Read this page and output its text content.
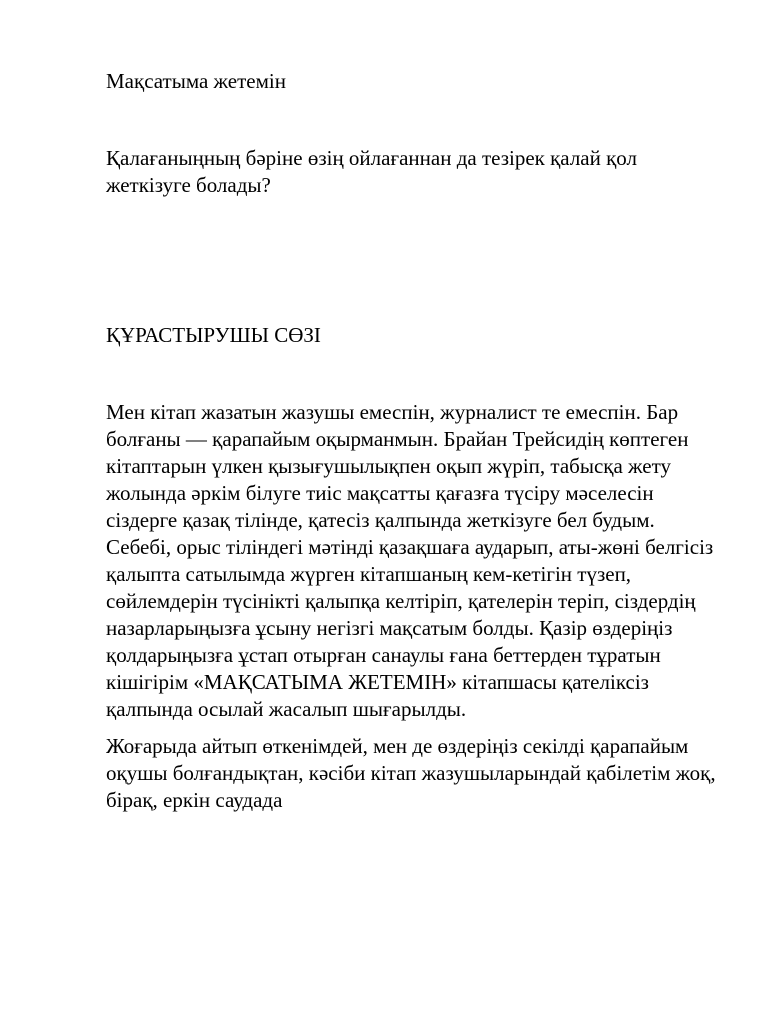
Мақсатыма жетемін

Қалағаныңның бәріне өзің ойлағаннан да тезірек қалай қол жеткізуге болады?

ҚҰРАСТЫРУШЫ СӨЗІ

Мен кітап жазатын жазушы емеспін, журналист те емеспін. Бар болғаны — қарапайым оқырманмын. Брайан Трейсидің көптеген кітаптарын үлкен қызығушылықпен оқып жүріп, табысқа жету жолында әркім білуге тиіс мақсатты қағазға түсіру мәселесін сіздерге қазақ тілінде, қатесіз қалпында жеткізуге бел будым. Себебі, орыс тіліндегі мәтінді қазақшаға аударып, аты-жөні белгісіз қалыпта сатылымда жүрген кітапшаның кем-кетігін түзеп, сөйлемдерін түсінікті қалыпқа келтіріп, қателерін теріп, сіздердің назарларыңызға ұсыну негізгі мақсатым болды. Қазір өздеріңіз қолдарыңызға ұстап отырған санаулы ғана беттерден тұратын кішігірім «МАҚСАТЫМА ЖЕТЕМІН» кітапшасы қателіксіз қалпында осылай жасалып шығарылды.

Жоғарыда айтып өткенімдей, мен де өздеріңіз секілді қарапайым оқушы болғандықтан, кәсіби кітап жазушыларындай қабілетім жоқ, бірақ, еркін саудада
